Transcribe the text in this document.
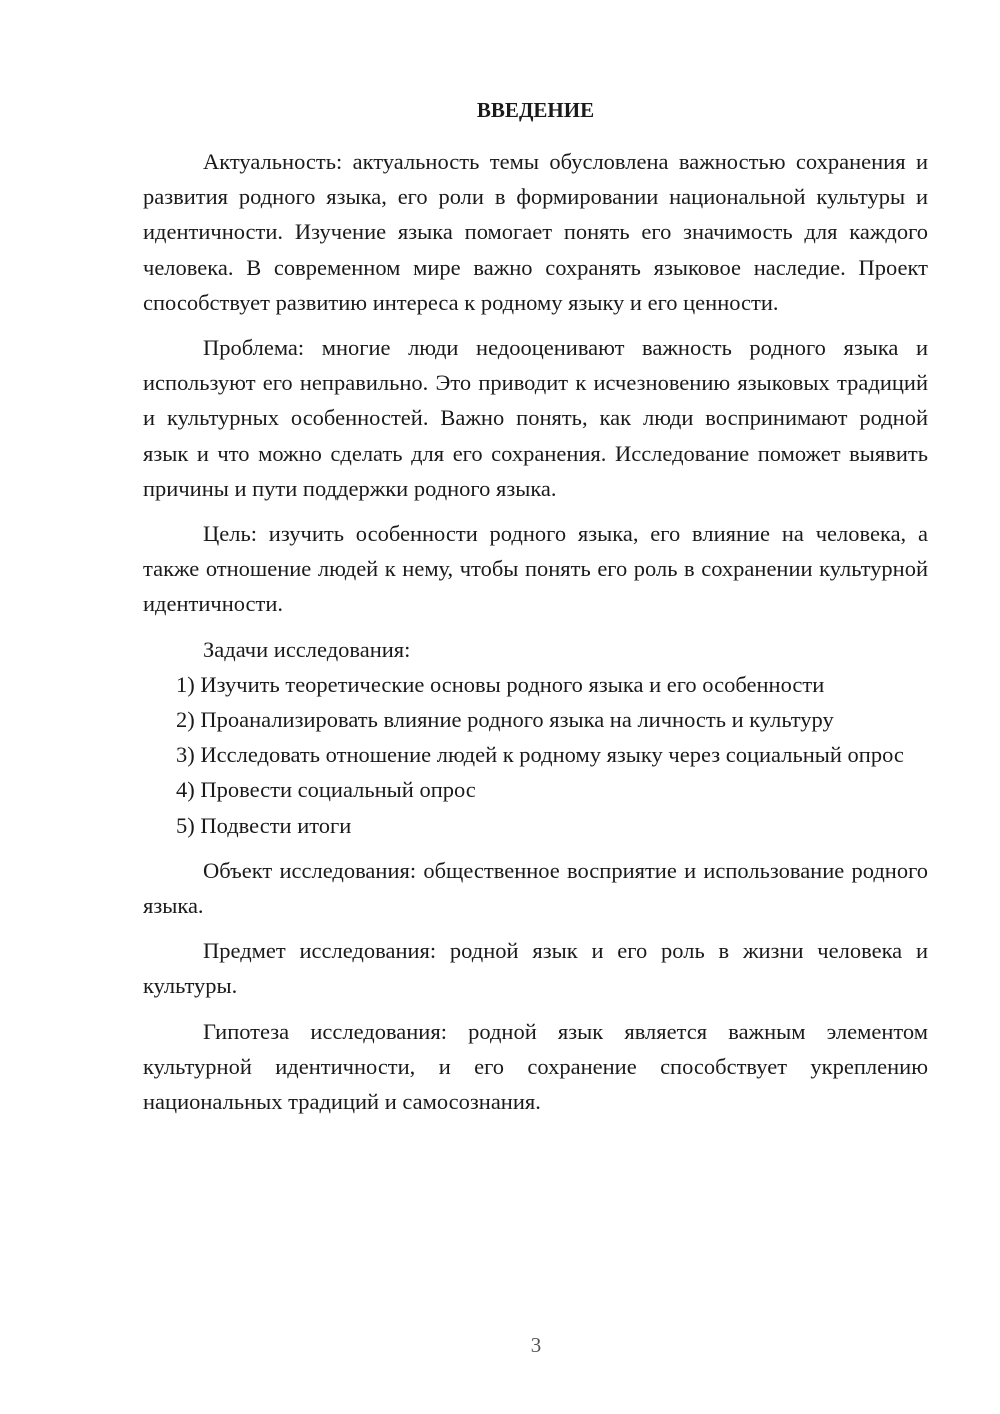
ВВЕДЕНИЕ

Актуальность: актуальность темы обусловлена важностью сохранения и развития родного языка, его роли в формировании национальной культуры и идентичности. Изучение языка помогает понять его значимость для каждого человека. В современном мире важно сохранять языковое наследие. Проект способствует развитию интереса к родному языку и его ценности.

Проблема: многие люди недооценивают важность родного языка и используют его неправильно. Это приводит к исчезновению языковых традиций и культурных особенностей. Важно понять, как люди воспринимают родной язык и что можно сделать для его сохранения. Исследование поможет выявить причины и пути поддержки родного языка.

Цель: изучить особенности родного языка, его влияние на человека, а также отношение людей к нему, чтобы понять его роль в сохранении культурной идентичности.

Задачи исследования:

1) Изучить теоретические основы родного языка и его особенности

2) Проанализировать влияние родного языка на личность и культуру

3) Исследовать отношение людей к родному языку через социальный опрос

4) Провести социальный опрос

5) Подвести итоги

Объект исследования: общественное восприятие и использование родного языка.

Предмет исследования: родной язык и его роль в жизни человека и культуры.

Гипотеза исследования: родной язык является важным элементом культурной идентичности, и его сохранение способствует укреплению национальных традиций и самосознания.

3
